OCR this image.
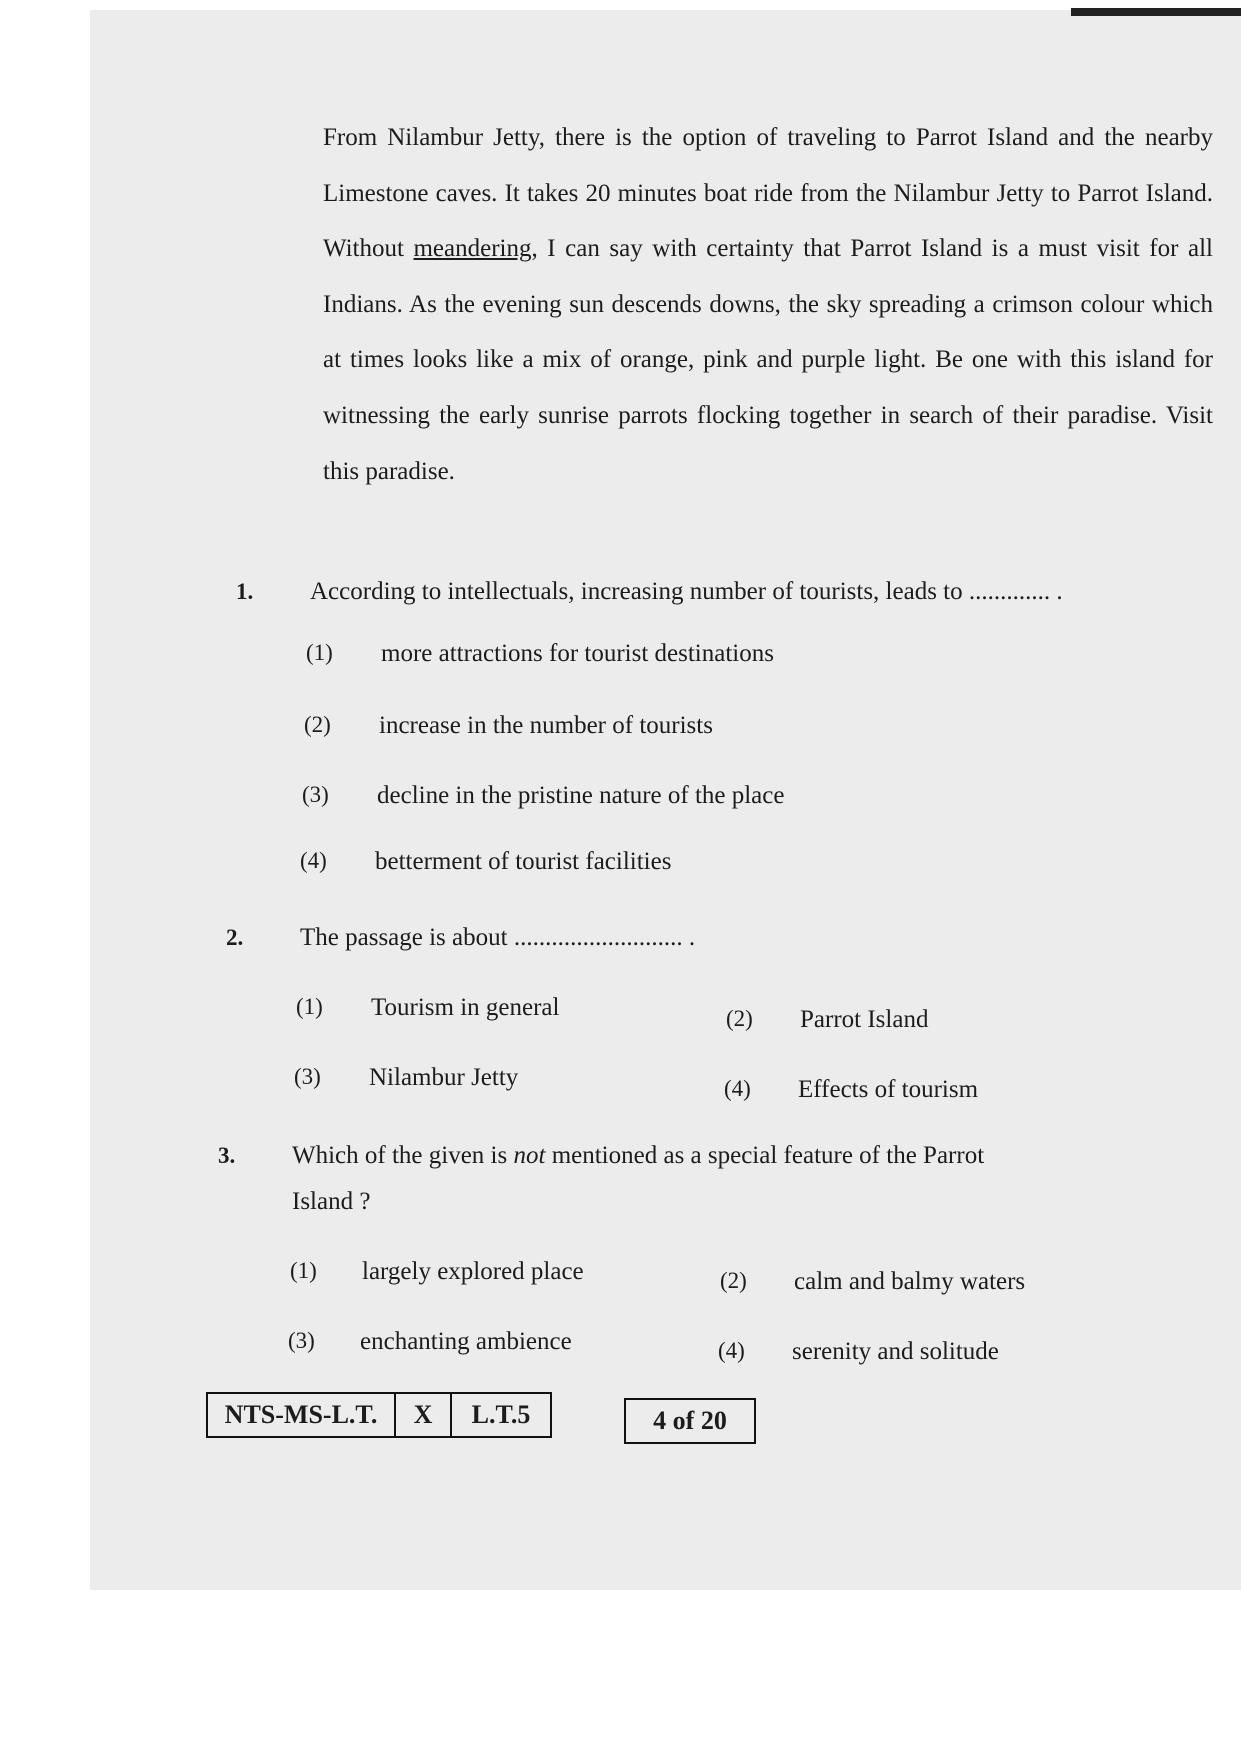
From Nilambur Jetty, there is the option of traveling to Parrot Island and the nearby Limestone caves. It takes 20 minutes boat ride from the Nilambur Jetty to Parrot Island. Without meandering, I can say with certainty that Parrot Island is a must visit for all Indians. As the evening sun descends downs, the sky spreading a crimson colour which at times looks like a mix of orange, pink and purple light. Be one with this island for witnessing the early sunrise parrots flocking together in search of their paradise. Visit this paradise.

1. According to intellectuals, increasing number of tourists, leads to ............. .
(1) more attractions for tourist destinations
(2) increase in the number of tourists
(3) decline in the pristine nature of the place
(4) betterment of tourist facilities
2. The passage is about ........................... .
(1) Tourism in general	(2) Parrot Island
(3) Nilambur Jetty	(4) Effects of tourism
3. Which of the given is not mentioned as a special feature of the Parrot
Island ?
(1) largely explored place	(2) calm and balmy waters
(3) enchanting ambience	(4) serenity and solitude
NTS-MS-L.T.	X	L.T.5	4 of 20
